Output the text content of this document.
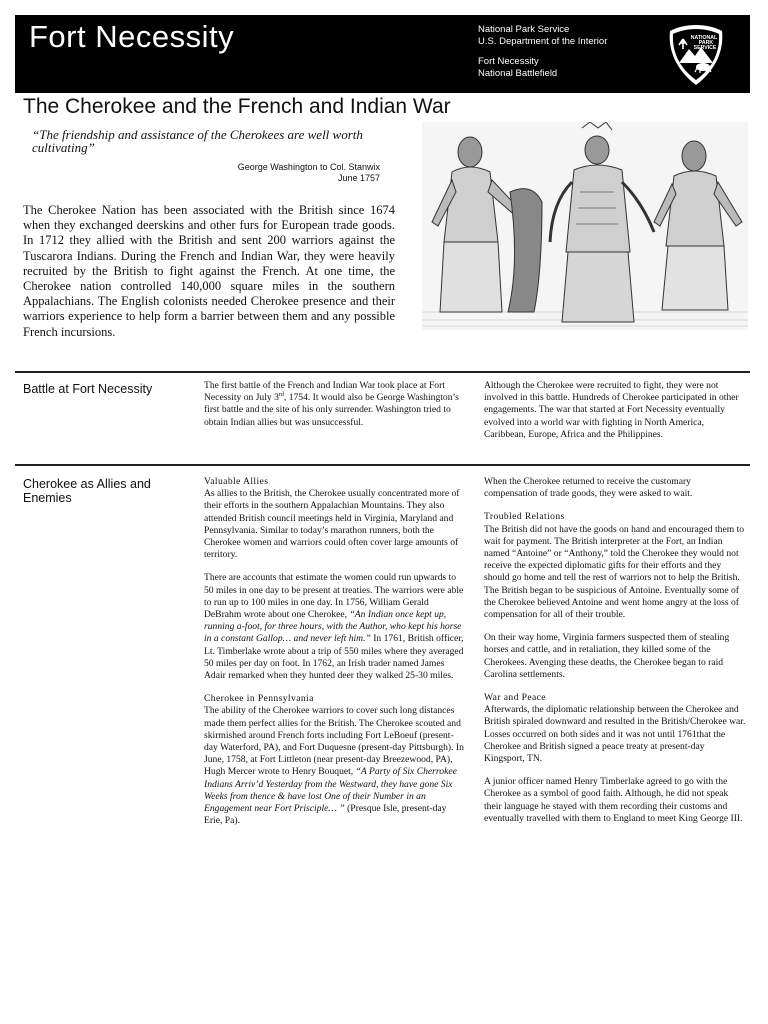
Fort Necessity	National Park Service
U.S. Department of the Interior
Fort Necessity
National Battlefield
NATIONAL
PARK
SERVICE
The Cherokee and the French and Indian War
“The friendship and assistance of the Cherokees are well worth cultivating”
George Washington to Col. Stanwix
June 1757

The Cherokee Nation has been associated with the British since 1674 when they exchanged deerskins and other furs for European trade goods. In 1712 they allied with the British and sent 200 warriors against the Tuscarora Indians. During the French and Indian War, they were heavily recruited by the British to fight against the French. At one time, the Cherokee nation controlled 140,000 square miles in the southern Appalachians. The English colonists needed Cherokee presence and their warriors experience to help form a barrier between them and any possible French incursions.

Battle at Fort Necessity	The first battle of the French and Indian War took place at Fort Necessity on July 3rd, 1754. It would also be George Washington’s first battle and the site of his only surrender. Washington tried to obtain Indian allies but was unsuccessful.

Although the Cherokee were recruited to fight, they were not involved in this battle. Hundreds of Cherokee participated in other engagements. The war that started at Fort Necessity eventually evolved into a world war with fighting in North America, Caribbean, Europe, Africa and the Philippines.

Cherokee as Allies and Enemies
Valuable Allies

As allies to the British, the Cherokee usually concentrated more of their efforts in the southern Appalachian Mountains. They also attended British council meetings held in Virginia, Maryland and Pennsylvania. Similar to today’s marathon runners, both the Cherokee women and warriors could often cover large amounts of territory.

There are accounts that estimate the women could run upwards to 50 miles in one day to be present at treaties. The warriors were able to run up to 100 miles in one day. In 1756, William Gerald DeBrahm wrote about one Cherokee, “An Indian once kept up, running a-foot, for three hours, with the Author, who kept his horse in a constant Gallop… and never left him.” In 1761, British officer, Lt. Timberlake wrote about a trip of 550 miles where they averaged 50 miles per day on foot. In 1762, an Irish trader named James Adair remarked when they hunted deer they walked 25-30 miles.

Cherokee in Pennsylvania

The ability of the Cherokee warriors to cover such long distances made them perfect allies for the British. The Cherokee scouted and skirmished around French forts including Fort LeBoeuf (present-day Waterford, PA), and Fort Duquesne (present-day Pittsburgh). In June, 1758, at Fort Littleton (near present-day Breezewood, PA), Hugh Mercer wrote to Henry Bouquet, “A Party of Six Cherrokee Indians Arriv’d Yesterday from the Westward, they have gone Six Weeks from thence & have lost One of their Number in an Engagement near Fort Prisciple… ” (Presque Isle, present-day Erie, Pa).

When the Cherokee returned to receive the customary compensation of trade goods, they were asked to wait.

Troubled Relations

The British did not have the goods on hand and encouraged them to wait for payment. The British interpreter at the Fort, an Indian named “Antoine” or “Anthony,” told the Cherokee they would not receive the expected diplomatic gifts for their efforts and they should go home and tell the rest of warriors not to help the British. The British began to be suspicious of Antoine. Eventually some of the Cherokee believed Antoine and went home angry at the loss of compensation for all of their trouble.

On their way home, Virginia farmers suspected them of stealing horses and cattle, and in retaliation, they killed some of the Cherokees. Avenging these deaths, the Cherokee began to raid Carolina settlements.

War and Peace

Afterwards, the diplomatic relationship between the Cherokee and British spiraled downward and resulted in the British/Cherokee war. Losses occurred on both sides and it was not until 1761that the Cherokee and British signed a peace treaty at present-day Kingsport, TN.

A junior officer named Henry Timberlake agreed to go with the Cherokee as a symbol of good faith. Although, he did not speak their language he stayed with them recording their customs and eventually travelled with them to England to meet King George III.
